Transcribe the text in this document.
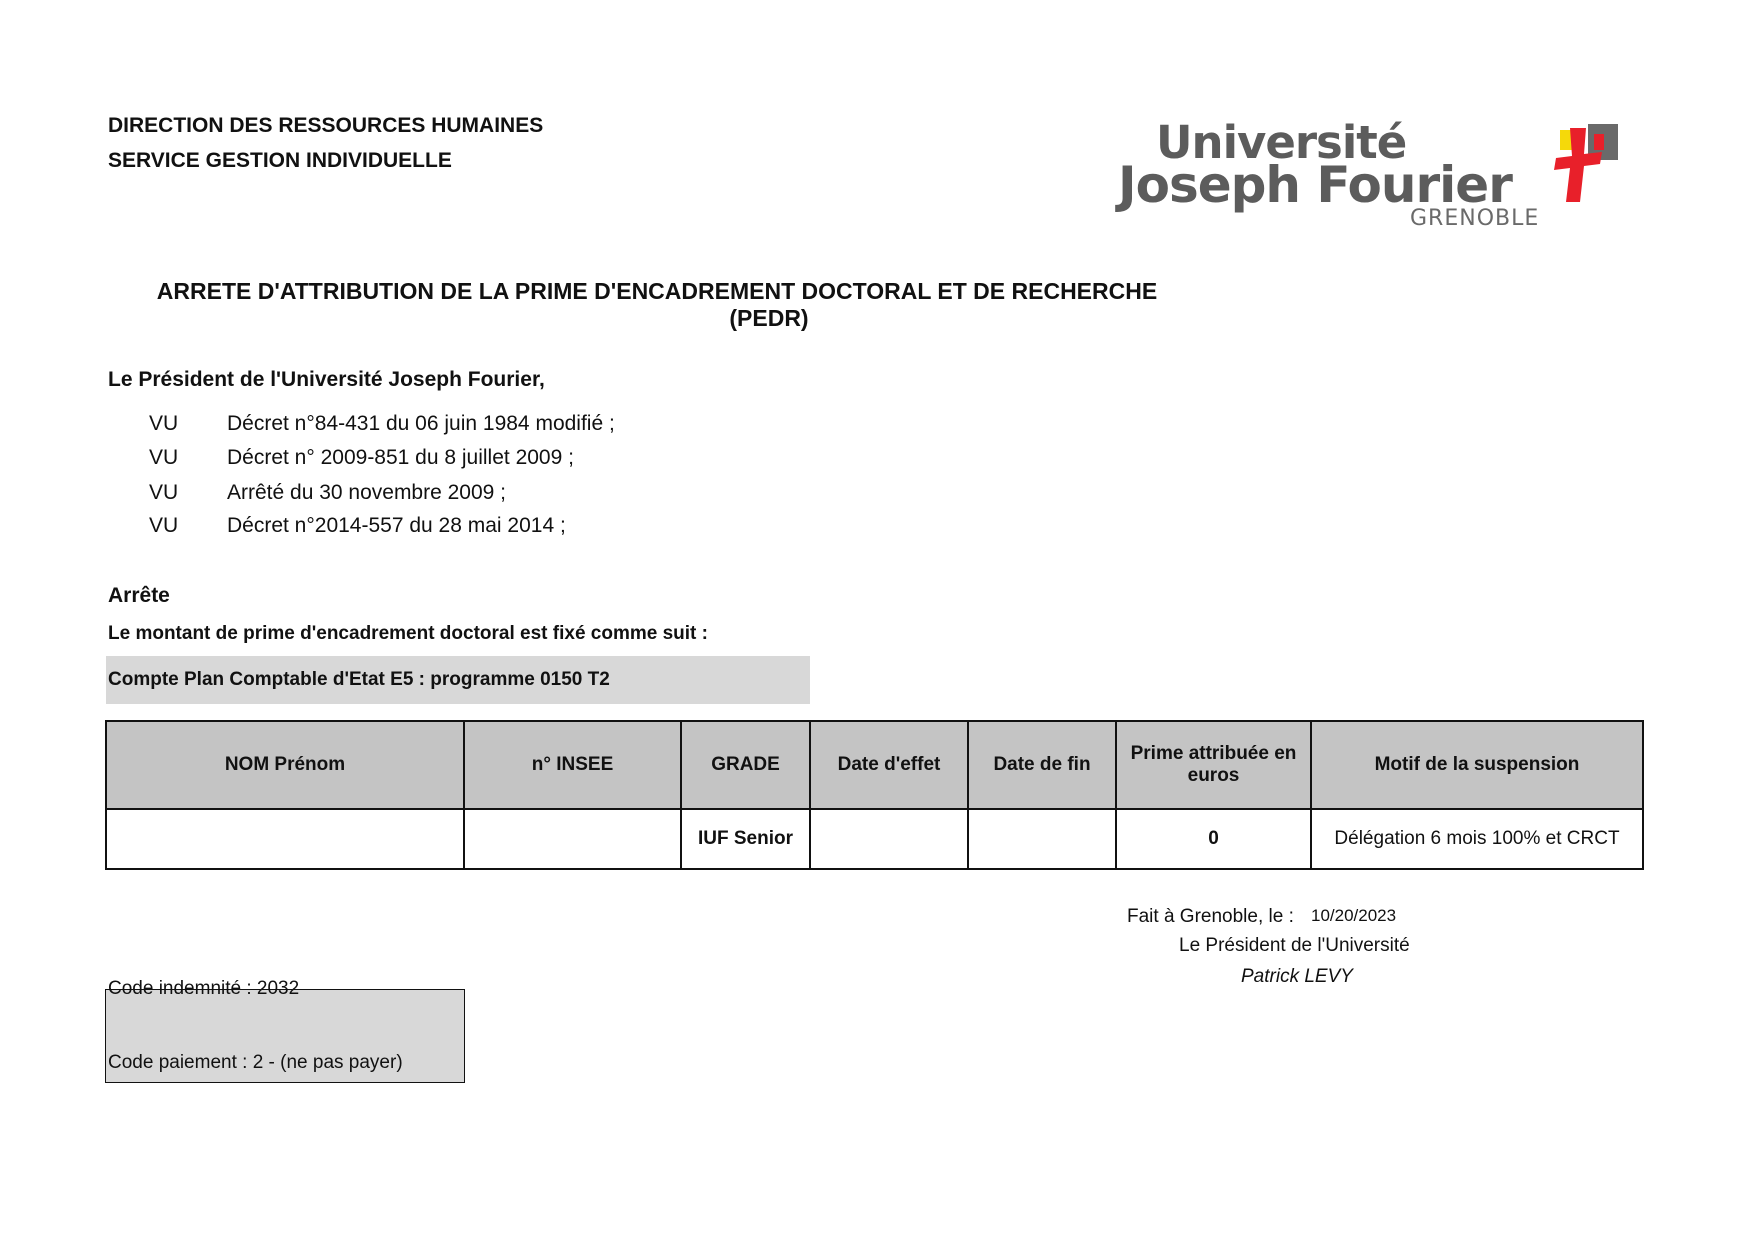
DIRECTION DES RESSOURCES HUMAINES
SERVICE GESTION INDIVIDUELLE	Université
Joseph Fourier
GRENOBLE
ARRETE D'ATTRIBUTION DE LA PRIME D'ENCADREMENT DOCTORAL ET DE RECHERCHE
(PEDR)
Le Président de l'Université Joseph Fourier,
VU Décret n°84-431 du 06 juin 1984 modifié ;
VU Décret n° 2009-851 du 8 juillet 2009 ;
VU Arrêté du 30 novembre 2009 ;
VU Décret n°2014-557 du 28 mai 2014 ;
Arrête
Le montant de prime d'encadrement doctoral est fixé comme suit :
Compte Plan Comptable d'Etat E5 : programme 0150 T2
NOM Prénom	n° INSEE	GRADE	Date d'effet	Date de fin	Prime attribuée en euros	Motif de la suspension
		IUF Senior			0	Délégation 6 mois 100% et CRCT
Fait à Grenoble, le : 10/20/2023
Le Président de l'Université
Patrick LEVY
Code indemnité : 2032
Code paiement : 2 - (ne pas payer)
